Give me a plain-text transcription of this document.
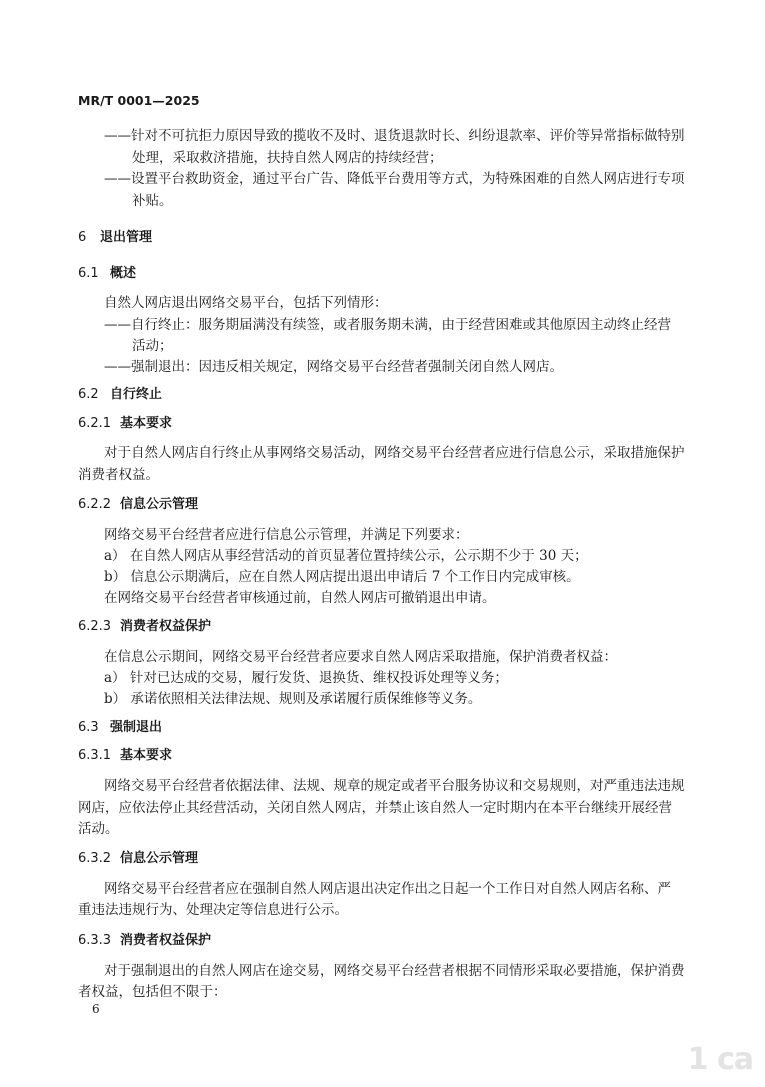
MR/T 0001—2025
——针对不可抗拒力原因导致的揽收不及时、退货退款时长、纠纷退款率、评价等异常指标做特别
处理，采取救济措施，扶持自然人网店的持续经营；
——设置平台救助资金，通过平台广告、降低平台费用等方式，为特殊困难的自然人网店进行专项
补贴。
6 退出管理
6.1 概述
自然人网店退出网络交易平台，包括下列情形：
——自行终止：服务期届满没有续签，或者服务期未满，由于经营困难或其他原因主动终止经营
活动；
——强制退出：因违反相关规定，网络交易平台经营者强制关闭自然人网店。
6.2 自行终止
6.2.1 基本要求
对于自然人网店自行终止从事网络交易活动，网络交易平台经营者应进行信息公示，采取措施保护
消费者权益。
6.2.2 信息公示管理
网络交易平台经营者应进行信息公示管理，并满足下列要求：
a） 在自然人网店从事经营活动的首页显著位置持续公示，公示期不少于 30 天；
b） 信息公示期满后，应在自然人网店提出退出申请后 7 个工作日内完成审核。
在网络交易平台经营者审核通过前，自然人网店可撤销退出申请。
6.2.3 消费者权益保护
在信息公示期间，网络交易平台经营者应要求自然人网店采取措施，保护消费者权益：
a） 针对已达成的交易，履行发货、退换货、维权投诉处理等义务；
b） 承诺依照相关法律法规、规则及承诺履行质保维修等义务。
6.3 强制退出
6.3.1 基本要求
网络交易平台经营者依据法律、法规、规章的规定或者平台服务协议和交易规则，对严重违法违规
网店，应依法停止其经营活动，关闭自然人网店，并禁止该自然人一定时期内在本平台继续开展经营
活动。
6.3.2 信息公示管理
网络交易平台经营者应在强制自然人网店退出决定作出之日起一个工作日对自然人网店名称、严
重违法违规行为、处理决定等信息进行公示。
6.3.3 消费者权益保护
对于强制退出的自然人网店在途交易，网络交易平台经营者根据不同情形采取必要措施，保护消费
者权益，包括但不限于：
6
1 ca
